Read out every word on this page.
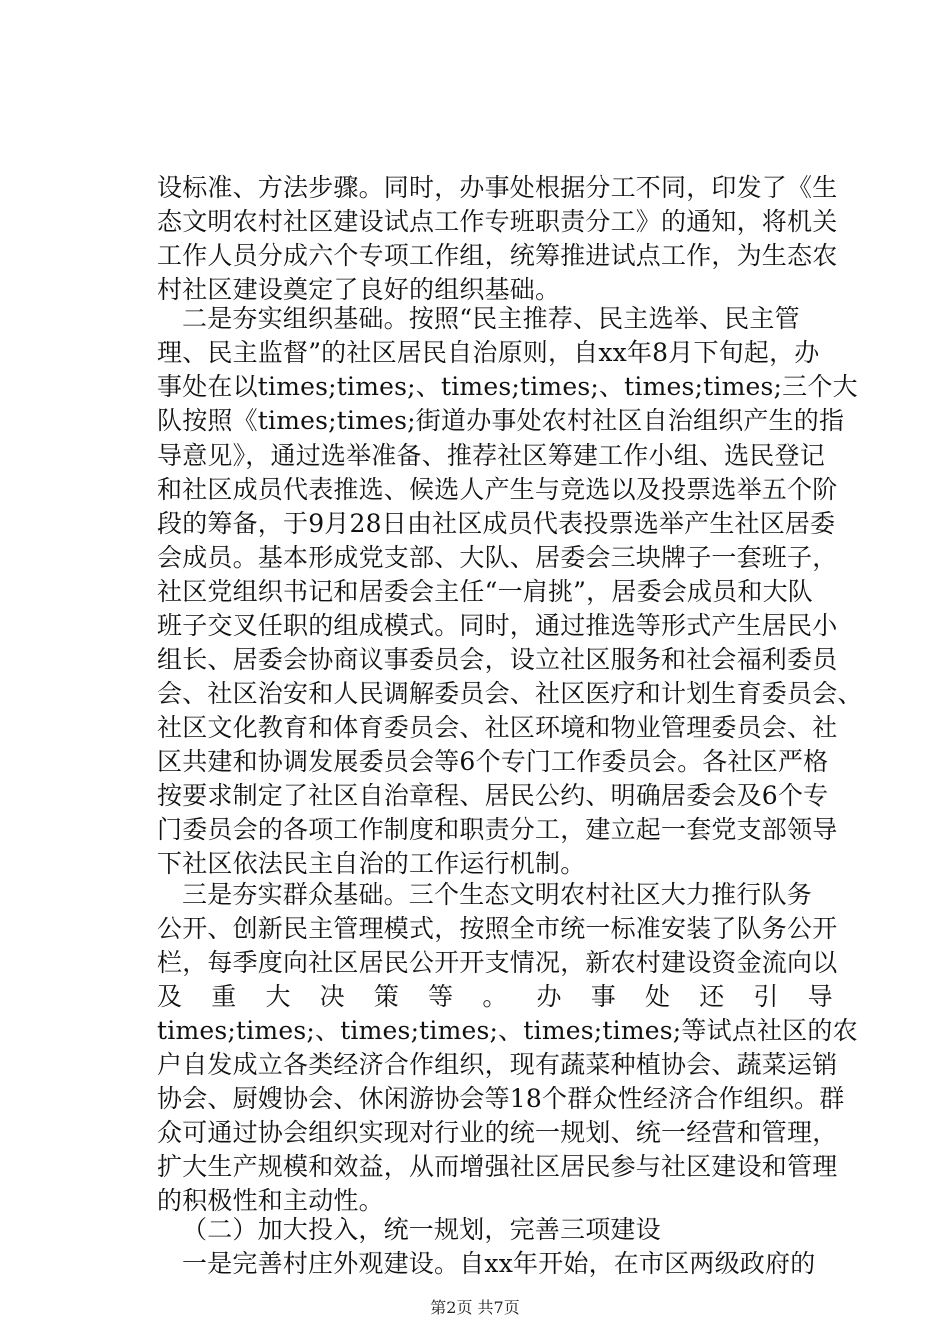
设标准、方法步骤。同时，办事处根据分工不同，印发了《生
态文明农村社区建设试点工作专班职责分工》的通知，将机关
工作人员分成六个专项工作组，统筹推进试点工作，为生态农
村社区建设奠定了良好的组织基础。
二是夯实组织基础。按照“民主推荐、民主选举、民主管
理、民主监督”的社区居民自治原则，自xx年8月下旬起，办
事处在以times;times;、times;times;、times;times;三个大
队按照《times;times;街道办事处农村社区自治组织产生的指
导意见》，通过选举准备、推荐社区筹建工作小组、选民登记
和社区成员代表推选、候选人产生与竞选以及投票选举五个阶
段的筹备，于9月28日由社区成员代表投票选举产生社区居委
会成员。基本形成党支部、大队、居委会三块牌子一套班子，
社区党组织书记和居委会主任“一肩挑”，居委会成员和大队
班子交叉任职的组成模式。同时，通过推选等形式产生居民小
组长、居委会协商议事委员会，设立社区服务和社会福利委员
会、社区治安和人民调解委员会、社区医疗和计划生育委员会、
社区文化教育和体育委员会、社区环境和物业管理委员会、社
区共建和协调发展委员会等6个专门工作委员会。各社区严格
按要求制定了社区自治章程、居民公约、明确居委会及6个专
门委员会的各项工作制度和职责分工，建立起一套党支部领导
下社区依法民主自治的工作运行机制。
三是夯实群众基础。三个生态文明农村社区大力推行队务
公开、创新民主管理模式，按照全市统一标准安装了队务公开
栏，每季度向社区居民公开开支情况，新农村建设资金流向以
及 重 大 决 策 等 。 办 事 处 还 引 导
times;times;、times;times;、times;times;等试点社区的农
户自发成立各类经济合作组织，现有蔬菜种植协会、蔬菜运销
协会、厨嫂协会、休闲游协会等18个群众性经济合作组织。群
众可通过协会组织实现对行业的统一规划、统一经营和管理，
扩大生产规模和效益，从而增强社区居民参与社区建设和管理
的积极性和主动性。
（二）加大投入，统一规划，完善三项建设
一是完善村庄外观建设。自xx年开始，在市区两级政府的
第2页 共7页
